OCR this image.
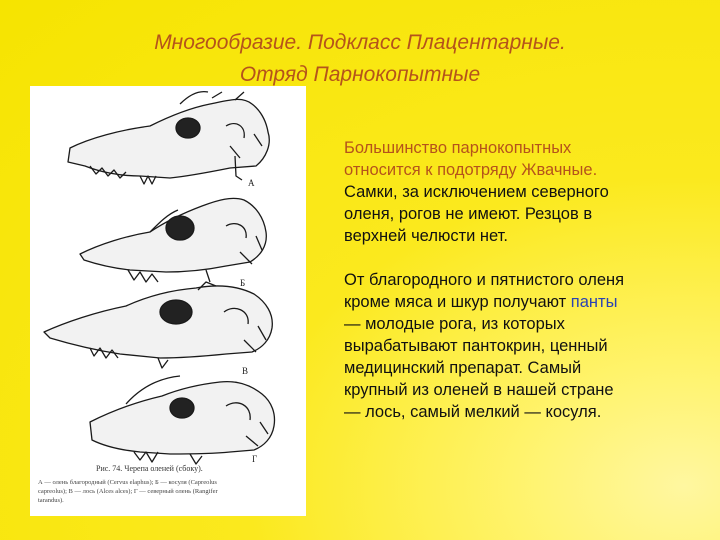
Многообразие. Подкласс Плацентарные.
Отряд Парнокопытные
А
Б
В
Г
Рис. 74. Черепа оленей (сбоку).
А — олень благородный (Cervus elaphus); Б — косуля (Capreolus
capreolus); В — лось (Alces alces); Г — северный олень (Rangifer
tarandus).

Большинство парнокопытных

относится к подотряду Жвачные.

Самки, за исключением северного

оленя, рогов не имеют. Резцов в

верхней челюсти нет.

От благородного и пятнистого оленя

кроме мяса и шкур получают панты

— молодые рога, из которых

вырабатывают пантокрин, ценный

медицинский препарат. Самый

крупный из оленей в нашей стране

— лось, самый мелкий — косуля.
